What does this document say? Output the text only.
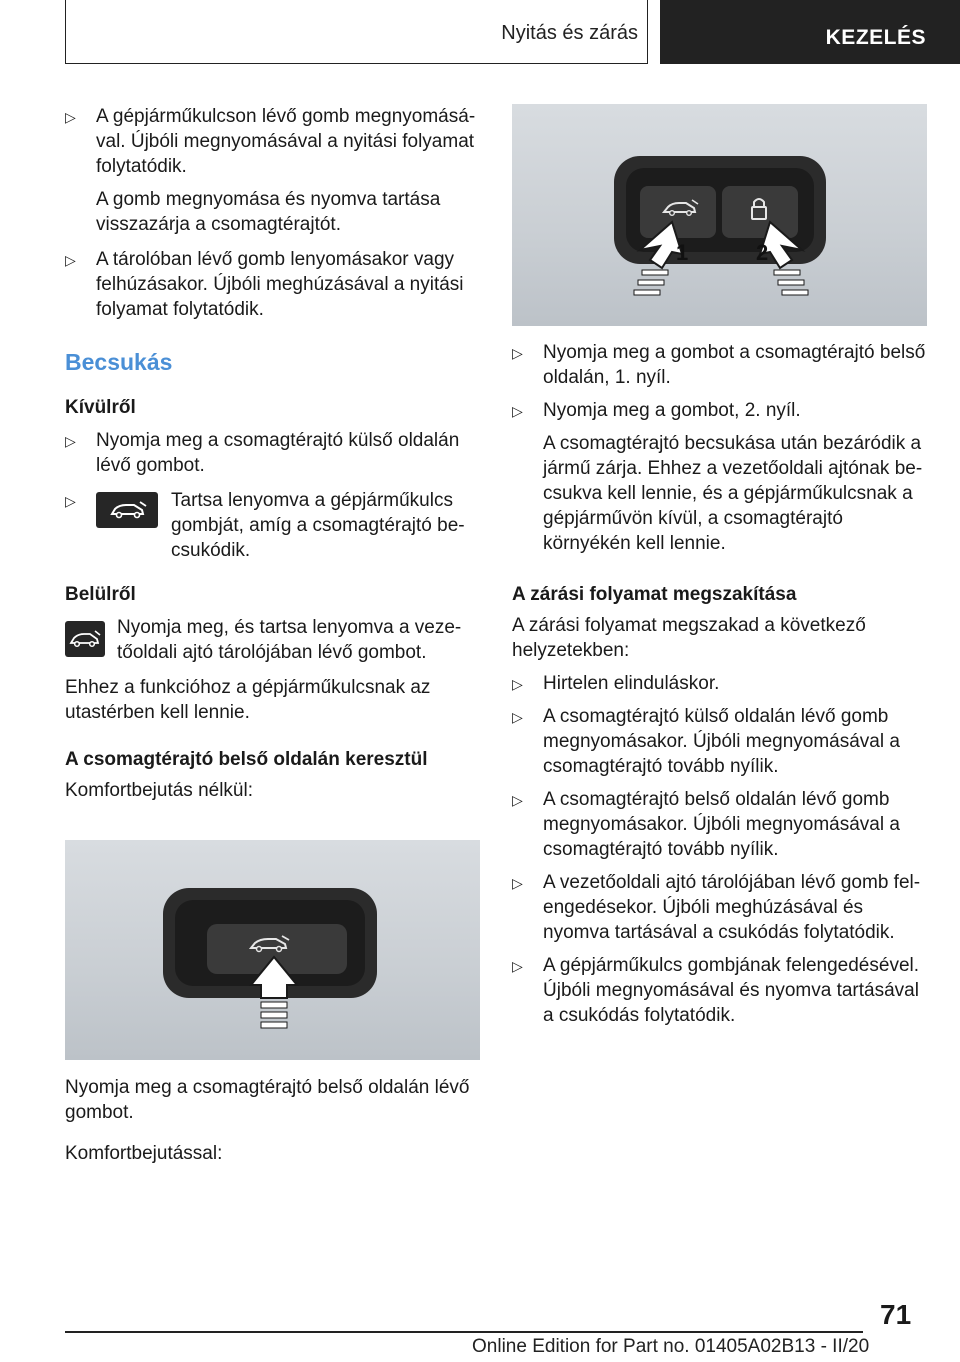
Nyitás és zárás	KEZELÉS
▷ A gépjárműkulcson lévő gomb megnyomásával. Újbóli megnyomásával a nyitási folyamat folytatódik.

A gomb megnyomása és nyomva tartása visszazárja a csomagtérajtót.

▷ A tárolóban lévő gomb lenyomásakor vagy felhúzásakor. Újbóli meghúzásával a nyitási folyamat folytatódik.

Becsukás

Kívülről

▷ Nyomja meg a csomagtérajtó külső oldalán lévő gombot.

▷	Tartsa lenyomva a gépjárműkulcs gombját, amíg a csomagtérajtó becsukódik.

Belülről

Nyomja meg, és tartsa lenyomva a vezetőoldali ajtó tárolójában lévő gombot.

Ehhez a funkcióhoz a gépjárműkulcsnak az utastérben kell lennie.

A csomagtérajtó belső oldalán keresztül

Komfortbejutás nélkül:

Nyomja meg a csomagtérajtó belső oldalán lévő gombot.

Komfortbejutással:

1	2
▷ Nyomja meg a gombot a csomagtérajtó belső oldalán, 1. nyíl.

▷ Nyomja meg a gombot, 2. nyíl.

A csomagtérajtó becsukása után bezáródik a jármű zárja. Ehhez a vezetőoldali ajtónak becsukva kell lennie, és a gépjárműkulcsnak a gépjárművön kívül, a csomagtérajtó környékén kell lennie.

A zárási folyamat megszakítása

A zárási folyamat megszakad a következő helyzetekben:

▷ Hirtelen elinduláskor.

▷ A csomagtérajtó külső oldalán lévő gomb megnyomásakor. Újbóli megnyomásával a csomagtérajtó tovább nyílik.

▷ A csomagtérajtó belső oldalán lévő gomb megnyomásakor. Újbóli megnyomásával a csomagtérajtó tovább nyílik.

▷ A vezetőoldali ajtó tárolójában lévő gomb felengedésekor. Újbóli meghúzásával és nyomva tartásával a csukódás folytatódik.

▷ A gépjárműkulcs gombjának felengedésével. Újbóli megnyomásával és nyomva tartásával a csukódás folytatódik.

71
Online Edition for Part no. 01405A02B13 - II/20
